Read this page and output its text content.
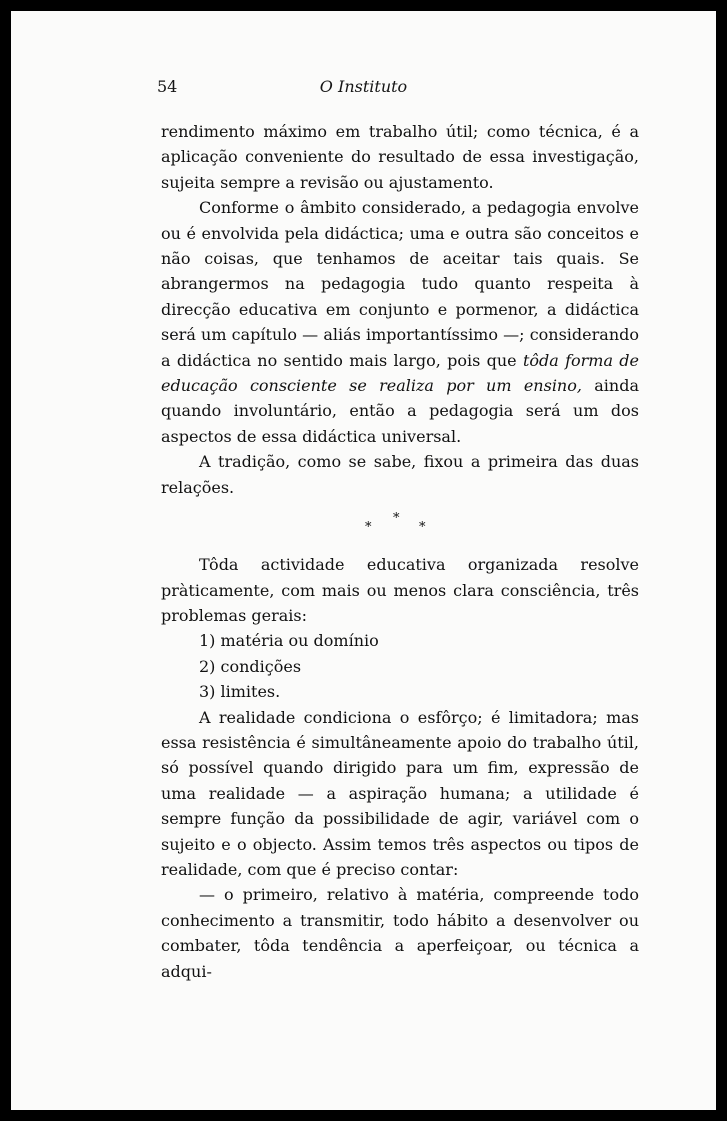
54	O Instituto

rendimento máximo em trabalho útil; como técnica, é a aplicação conveniente do resultado de essa investigação, sujeita sempre a revisão ou ajustamento.

Conforme o âmbito considerado, a pedagogia envolve ou é envolvida pela didáctica; uma e outra são conceitos e não coisas, que tenhamos de aceitar tais quais. Se abrangermos na pedagogia tudo quanto respeita à direcção educativa em conjunto e pormenor, a didáctica será um capítulo — aliás importantíssimo —; considerando a didáctica no sentido mais largo, pois que tôda forma de educação consciente se realiza por um ensino, ainda quando involuntário, então a pedagogia será um dos aspectos de essa didáctica universal.

A tradição, como se sabe, fixou a primeira das duas relações.

*
*	*

Tôda actividade educativa organizada resolve pràticamente, com mais ou menos clara consciência, três problemas gerais:

1) matéria ou domínio

2) condições

3) limites.

A realidade condiciona o esfôrço; é limitadora; mas essa resistência é simultâneamente apoio do trabalho útil, só possível quando dirigido para um fim, expressão de uma realidade — a aspiração humana; a utilidade é sempre função da possibilidade de agir, variável com o sujeito e o objecto. Assim temos três aspectos ou tipos de realidade, com que é preciso contar:

— o primeiro, relativo à matéria, compreende todo conhecimento a transmitir, todo hábito a desenvolver ou combater, tôda tendência a aperfeiçoar, ou técnica a adqui-
